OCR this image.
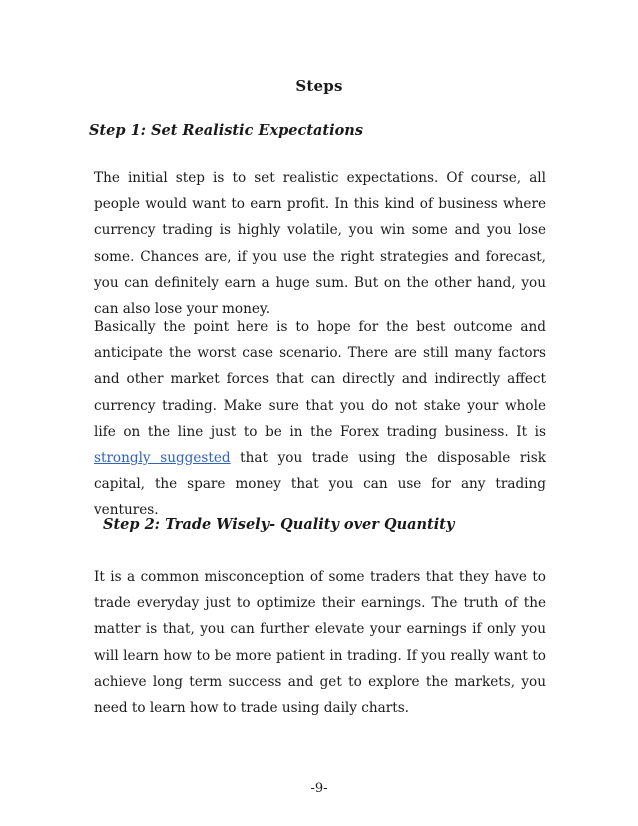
Steps
Step 1: Set Realistic Expectations

The initial step is to set realistic expectations. Of course, all people would want to earn profit. In this kind of business where currency trading is highly volatile, you win some and you lose some. Chances are, if you use the right strategies and forecast, you can definitely earn a huge sum. But on the other hand, you can also lose your money.

Basically the point here is to hope for the best outcome and anticipate the worst case scenario. There are still many factors and other market forces that can directly and indirectly affect currency trading. Make sure that you do not stake your whole life on the line just to be in the Forex trading business. It is strongly suggested that you trade using the disposable risk capital, the spare money that you can use for any trading ventures.

Step 2: Trade Wisely- Quality over Quantity

It is a common misconception of some traders that they have to trade everyday just to optimize their earnings. The truth of the matter is that, you can further elevate your earnings if only you will learn how to be more patient in trading. If you really want to achieve long term success and get to explore the markets, you need to learn how to trade using daily charts.

-9-
